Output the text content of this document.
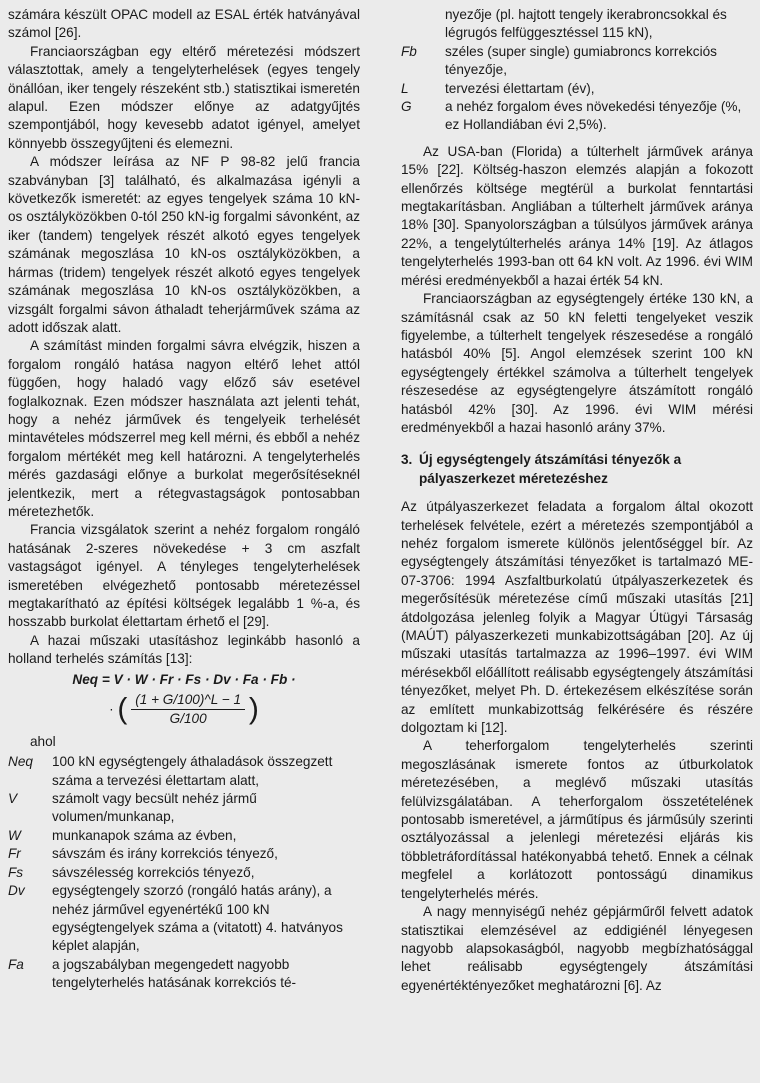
számára készült OPAC modell az ESAL érték hatványával számol [26].

Franciaországban egy eltérő méretezési módszert választottak, amely a tengelyterhelések (egyes tengely önállóan, iker tengely részeként stb.) statisztikai ismeretén alapul. Ezen módszer előnye az adatgyűjtés szempontjából, hogy kevesebb adatot igényel, amelyet könnyebb összegyűjteni és elemezni.

A módszer leírása az NF P 98-82 jelű francia szabványban [3] található, és alkalmazása igényli a következők ismeretét: az egyes tengelyek száma 10 kN-os osztályközökben 0-tól 250 kN-ig forgalmi sávonként, az iker (tandem) tengelyek részét alkotó egyes tengelyek számának megoszlása 10 kN-os osztályközökben, a hármas (tridem) tengelyek részét alkotó egyes tengelyek számának megoszlása 10 kN-os osztályközökben, a vizsgált forgalmi sávon áthaladt teherjárművek száma az adott időszak alatt.

A számítást minden forgalmi sávra elvégzik, hiszen a forgalom rongáló hatása nagyon eltérő lehet attól függően, hogy haladó vagy előző sáv esetével foglalkoznak. Ezen módszer használata azt jelenti tehát, hogy a nehéz járművek és tengelyeik terhelését mintavételes módszerrel meg kell mérni, és ebből a nehéz forgalom mértékét meg kell határozni. A tengelyterhelés mérés gazdasági előnye a burkolat megerősítéseknél jelentkezik, mert a rétegvastagságok pontosabban méretezhetők.

Francia vizsgálatok szerint a nehéz forgalom rongáló hatásának 2-szeres növekedése + 3 cm aszfalt vastagságot igényel. A tényleges tengelyterhelések ismeretében elvégezhető pontosabb méretezéssel megtakarítható az építési költségek legalább 1 %-a, és hosszabb burkolat élettartam érhető el [29].

A hazai műszaki utasításhoz leginkább hasonló a holland terhelés számítás [13]:

Neq = V · W · Fr · Fs · Dv · Fa · Fb ·
· ( $\frac{(1 + G/100)\^{}L - 1}{G/100}$ )
ahol
Neq	100 kN egységtengely áthaladások összegzett száma a tervezési élettartam alatt,
V	számolt vagy becsült nehéz jármű volumen/munkanap,
W	munkanapok száma az évben,
Fr	sávszám és irány korrekciós tényező,
Fs	sávszélesség korrekciós tényező,
Dv	egységtengely szorzó (rongáló hatás arány), a nehéz járművel egyenértékű 100 kN egységtengelyek száma a (vitatott) 4. hatványos képlet alapján,
Fa	a jogszabályban megengedett nagyobb tengelyterhelés hatásának korrekciós té-
nyezője (pl. hajtott tengely ikerabroncsokkal és légrugós felfüggesztéssel 115 kN),
Fb	széles (super single) gumiabroncs korrekciós tényezője,
L	tervezési élettartam (év),
G	a nehéz forgalom éves növekedési tényezője (%, ez Hollandiában évi 2,5%).

Az USA-ban (Florida) a túlterhelt járművek aránya 15% [22]. Költség-haszon elemzés alapján a fokozott ellenőrzés költsége megtérül a burkolat fenntartási megtakarításban. Angliában a túlterhelt járművek aránya 18% [30]. Spanyolországban a túlsúlyos járművek aránya 22%, a tengelytúlterhelés aránya 14% [19]. Az átlagos tengelyterhelés 1993-ban ott 64 kN volt. Az 1996. évi WIM mérési eredményekből a hazai érték 54 kN.

Franciaországban az egységtengely értéke 130 kN, a számításnál csak az 50 kN feletti tengelyeket veszik figyelembe, a túlterhelt tengelyek részesedése a rongáló hatásból 40% [5]. Angol elemzések szerint 100 kN egységtengely értékkel számolva a túlterhelt tengelyek részesedése az egységtengelyre átszámított rongáló hatásból 42% [30]. Az 1996. évi WIM mérési eredményekből a hazai hasonló arány 37%.

3. Új egységtengely átszámítási tényezők a pályaszerkezet méretezéshez

Az útpályaszerkezet feladata a forgalom által okozott terhelések felvétele, ezért a méretezés szempontjából a nehéz forgalom ismerete különös jelentőséggel bír. Az egységtengely átszámítási tényezőket is tartalmazó ME-07-3706: 1994 Aszfaltburkolatú útpályaszerkezetek és megerősítésük méretezése című műszaki utasítás [21] átdolgozása jelenleg folyik a Magyar Útügyi Társaság (MAÚT) pályaszerkezeti munkabizottságában [20]. Az új műszaki utasítás tartalmazza az 1996–1997. évi WIM mérésekből előállított reálisabb egységtengely átszámítási tényezőket, melyet Ph. D. értekezésem elkészítése során az említett munkabizottság felkérésére és részére dolgoztam ki [12].

A teherforgalom tengelyterhelés szerinti megoszlásának ismerete fontos az útburkolatok méretezésében, a meglévő műszaki utasítás felülvizsgálatában. A teherforgalom összetételének pontosabb ismeretével, a járműtípus és járműsúly szerinti osztályozással a jelenlegi méretezési eljárás kis többletráfordítással hatékonyabbá tehető. Ennek a célnak megfelel a korlátozott pontosságú dinamikus tengelyterhelés mérés.

A nagy mennyiségű nehéz gépjárműről felvett adatok statisztikai elemzésével az eddigiénél lényegesen nagyobb alapsokaságból, nagyobb megbízhatósággal lehet reálisabb egységtengely átszámítási egyenértéktényezőket meghatározni [6]. Az
